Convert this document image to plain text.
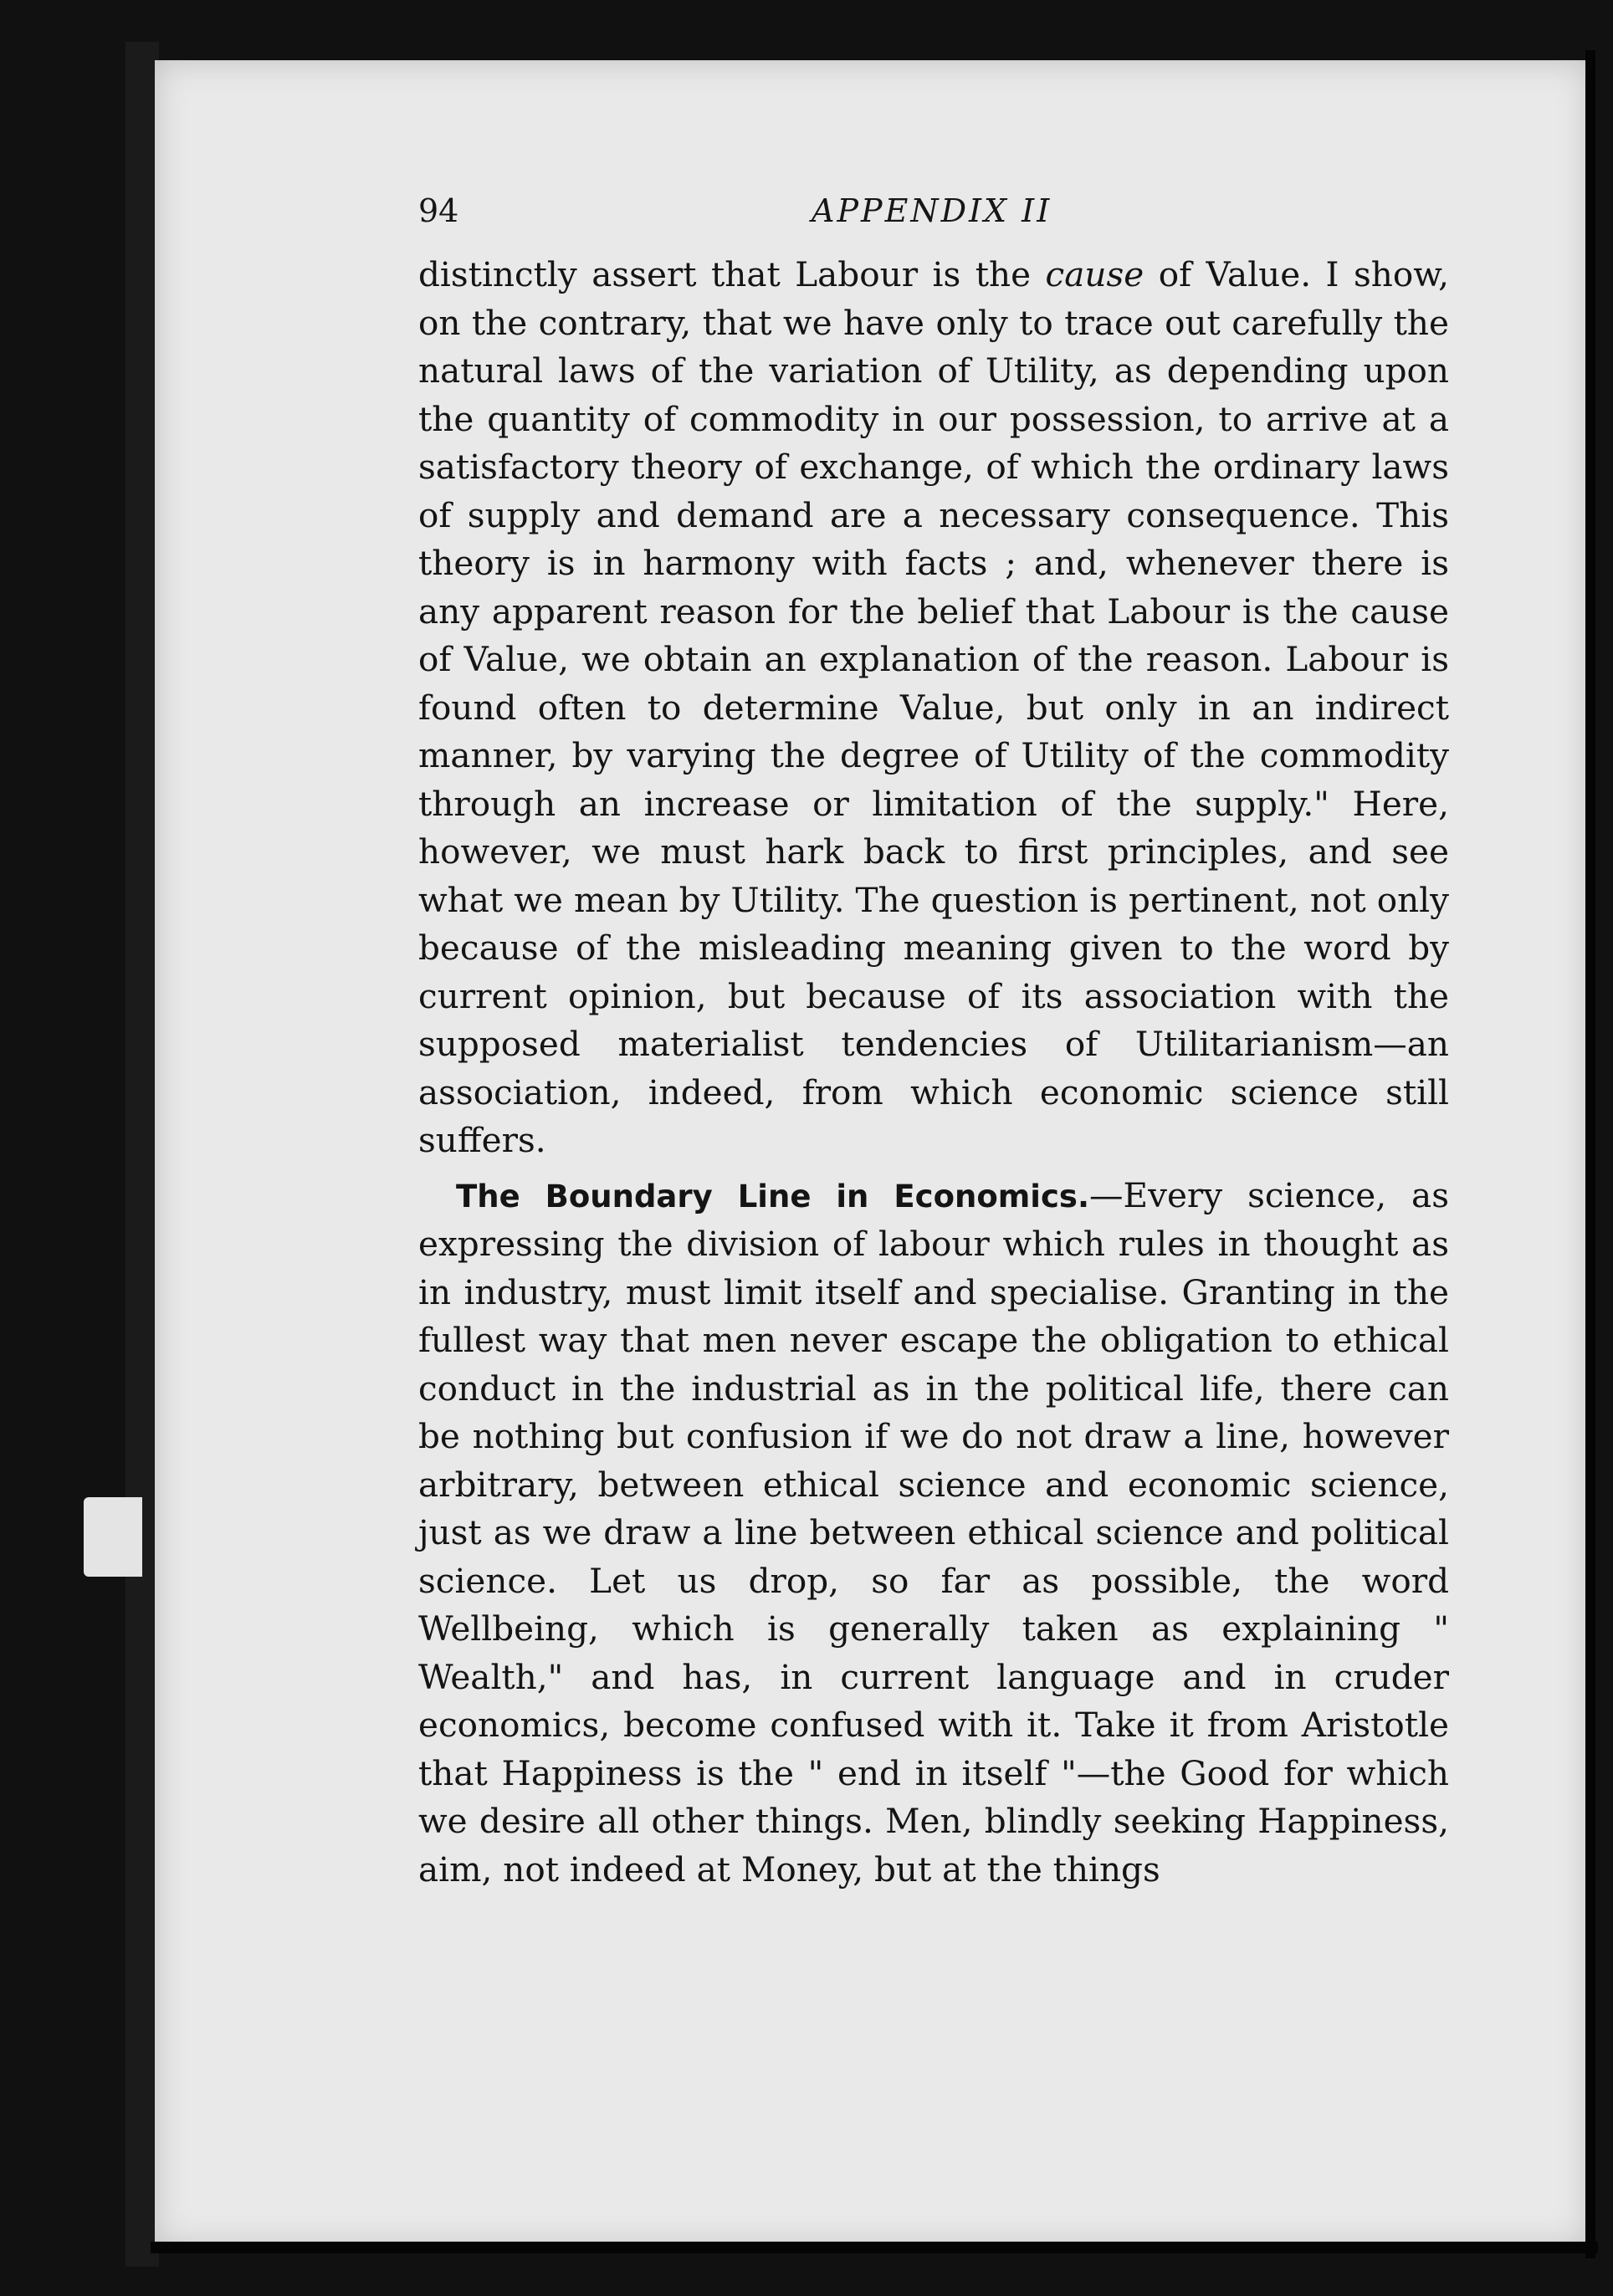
94	APPENDIX II

distinctly assert that Labour is the cause of Value. I show, on the contrary, that we have only to trace out carefully the natural laws of the variation of Utility, as depending upon the quantity of commodity in our possession, to arrive at a satisfactory theory of exchange, of which the ordinary laws of supply and demand are a necessary consequence. This theory is in harmony with facts ; and, whenever there is any apparent reason for the belief that Labour is the cause of Value, we obtain an explanation of the reason. Labour is found often to determine Value, but only in an indirect manner, by varying the degree of Utility of the commodity through an increase or limitation of the supply." Here, however, we must hark back to first principles, and see what we mean by Utility. The question is pertinent, not only because of the misleading meaning given to the word by current opinion, but because of its association with the supposed materialist tendencies of Utilitarianism—an association, indeed, from which economic science still suffers.

The Boundary Line in Economics.—Every science, as expressing the division of labour which rules in thought as in industry, must limit itself and specialise. Granting in the fullest way that men never escape the obligation to ethical conduct in the industrial as in the political life, there can be nothing but confusion if we do not draw a line, however arbitrary, between ethical science and economic science, just as we draw a line between ethical science and political science. Let us drop, so far as possible, the word Wellbeing, which is generally taken as explaining " Wealth," and has, in current language and in cruder economics, become confused with it. Take it from Aristotle that Happiness is the " end in itself "—the Good for which we desire all other things. Men, blindly seeking Happiness, aim, not indeed at Money, but at the things
